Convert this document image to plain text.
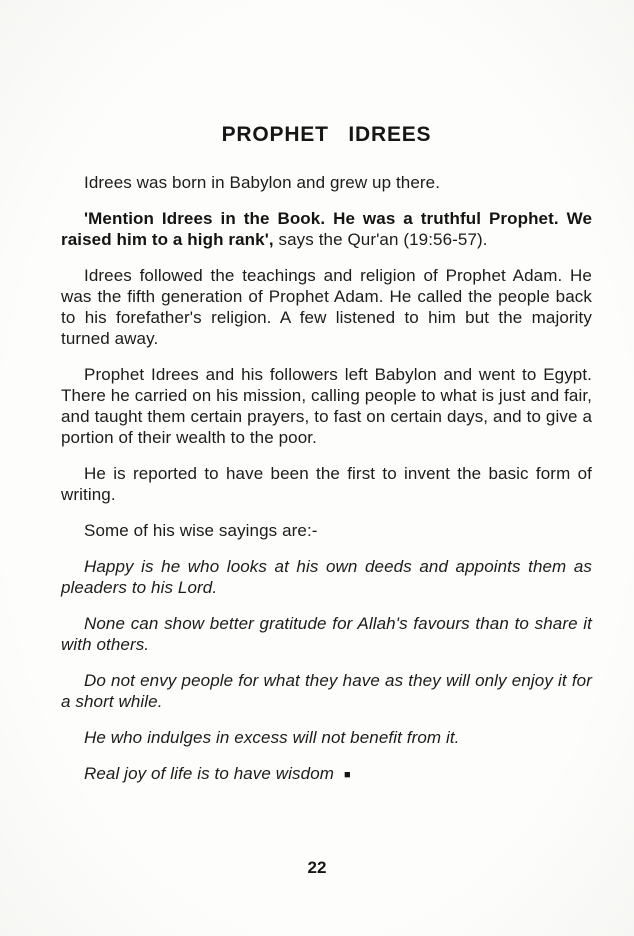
PROPHET IDREES

Idrees was born in Babylon and grew up there.

'Mention Idrees in the Book. He was a truthful Prophet. We raised him to a high rank', says the Qur'an (19:56-57).

Idrees followed the teachings and religion of Prophet Adam. He was the fifth generation of Prophet Adam. He called the people back to his forefather's religion. A few listened to him but the majority turned away.

Prophet Idrees and his followers left Babylon and went to Egypt. There he carried on his mission, calling people to what is just and fair, and taught them certain prayers, to fast on certain days, and to give a portion of their wealth to the poor.

He is reported to have been the first to invent the basic form of writing.

Some of his wise sayings are:-

Happy is he who looks at his own deeds and appoints them as pleaders to his Lord.

None can show better gratitude for Allah's favours than to share it with others.

Do not envy people for what they have as they will only enjoy it for a short while.

He who indulges in excess will not benefit from it.

Real joy of life is to have wisdom ■

22
